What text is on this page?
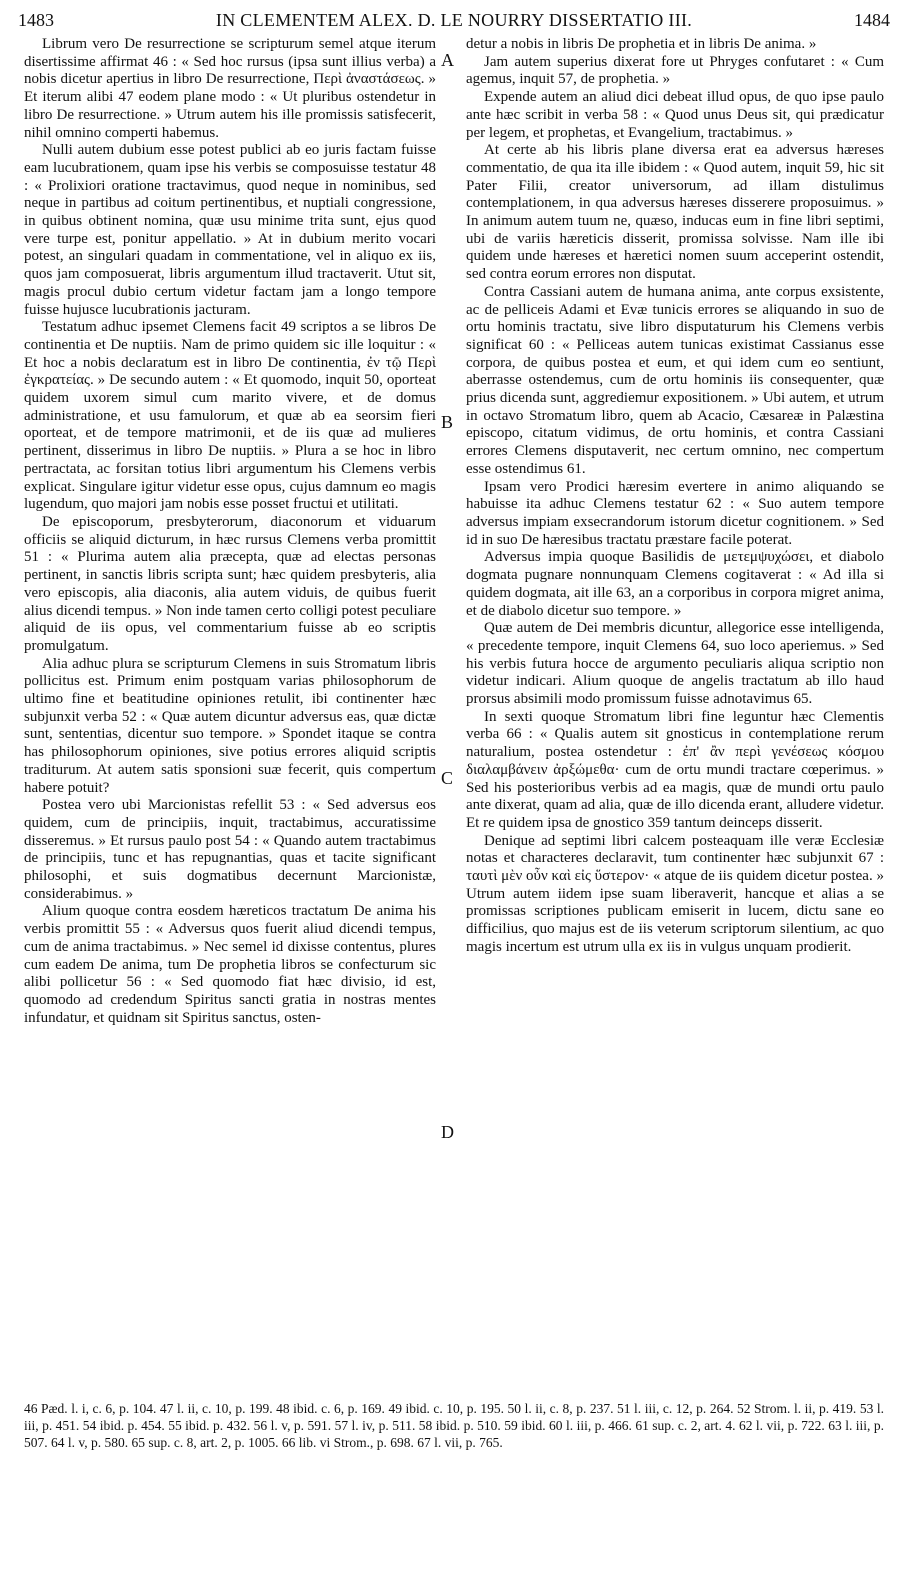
1483	IN CLEMENTEM ALEX. D. LE NOURRY DISSERTATIO III.	1484

Librum vero De resurrectione se scripturum semel atque iterum disertissime affirmat 46 : « Sed hoc rursus (ipsa sunt illius verba) a nobis dicetur apertius in libro De resurrectione, Περὶ ἀναστάσεως. » Et iterum alibi 47 eodem plane modo : « Ut pluribus ostendetur in libro De resurrectione. » Utrum autem his ille promissis satisfecerit, nihil omnino comperti habemus.

Nulli autem dubium esse potest publici ab eo juris factam fuisse eam lucubrationem, quam ipse his verbis se composuisse testatur 48 : « Prolixiori oratione tractavimus, quod neque in nominibus, sed neque in partibus ad coitum pertinentibus, et nuptiali congressione, in quibus obtinent nomina, quæ usu minime trita sunt, ejus quod vere turpe est, ponitur appellatio. » At in dubium merito vocari potest, an singulari quadam in commentatione, vel in aliquo ex iis, quos jam composuerat, libris argumentum illud tractaverit. Utut sit, magis procul dubio certum videtur factam jam a longo tempore fuisse hujusce lucubrationis jacturam.

Testatum adhuc ipsemet Clemens facit 49 scriptos a se libros De continentia et De nuptiis. Nam de primo quidem sic ille loquitur : « Et hoc a nobis declaratum est in libro De continentia, ἐν τῷ Περὶ ἐγκρατείας. » De secundo autem : « Et quomodo, inquit 50, oporteat quidem uxorem simul cum marito vivere, et de domus administratione, et usu famulorum, et quæ ab ea seorsim fieri oporteat, et de tempore matrimonii, et de iis quæ ad mulieres pertinent, disserimus in libro De nuptiis. » Plura a se hoc in libro pertractata, ac forsitan totius libri argumentum his Clemens verbis explicat. Singulare igitur videtur esse opus, cujus damnum eo magis lugendum, quo majori jam nobis esse posset fructui et utilitati.

De episcoporum, presbyterorum, diaconorum et viduarum officiis se aliquid dicturum, in hæc rursus Clemens verba promittit 51 : « Plurima autem alia præcepta, quæ ad electas personas pertinent, in sanctis libris scripta sunt; hæc quidem presbyteris, alia vero episcopis, alia diaconis, alia autem viduis, de quibus fuerit alius dicendi tempus. » Non inde tamen certo colligi potest peculiare aliquid de iis opus, vel commentarium fuisse ab eo scriptis promulgatum.

Alia adhuc plura se scripturum Clemens in suis Stromatum libris pollicitus est. Primum enim postquam varias philosophorum de ultimo fine et beatitudine opiniones retulit, ibi continenter hæc subjunxit verba 52 : « Quæ autem dicuntur adversus eas, quæ dictæ sunt, sententias, dicentur suo tempore. » Spondet itaque se contra has philosophorum opiniones, sive potius errores aliquid scriptis traditurum. At autem satis sponsioni suæ fecerit, quis compertum habere potuit?

Postea vero ubi Marcionistas refellit 53 : « Sed adversus eos quidem, cum de principiis, inquit, tractabimus, accuratissime disseremus. » Et rursus paulo post 54 : « Quando autem tractabimus de principiis, tunc et has repugnantias, quas et tacite significant philosophi, et suis dogmatibus decernunt Marcionistæ, considerabimus. »

Alium quoque contra eosdem hæreticos tractatum De anima his verbis promittit 55 : « Adversus quos fuerit aliud dicendi tempus, cum de anima tractabimus. » Nec semel id dixisse contentus, plures cum eadem De anima, tum De prophetia libros se confecturum sic alibi pollicetur 56 : « Sed quomodo fiat hæc divisio, id est, quomodo ad credendum Spiritus sancti gratia in nostras mentes infundatur, et quidnam sit Spiritus sanctus, osten-

A
B
C
D

detur a nobis in libris De prophetia et in libris De anima. »

Jam autem superius dixerat fore ut Phryges confutaret : « Cum agemus, inquit 57, de prophetia. »

Expende autem an aliud dici debeat illud opus, de quo ipse paulo ante hæc scribit in verba 58 : « Quod unus Deus sit, qui prædicatur per legem, et prophetas, et Evangelium, tractabimus. »

At certe ab his libris plane diversa erat ea adversus hæreses commentatio, de qua ita ille ibidem : « Quod autem, inquit 59, hic sit Pater Filii, creator universorum, ad illam distulimus contemplationem, in qua adversus hæreses disserere proposuimus. » In animum autem tuum ne, quæso, inducas eum in fine libri septimi, ubi de variis hæreticis disserit, promissa solvisse. Nam ille ibi quidem unde hæreses et hæretici nomen suum acceperint ostendit, sed contra eorum errores non disputat.

Contra Cassiani autem de humana anima, ante corpus exsistente, ac de pelliceis Adami et Evæ tunicis errores se aliquando in suo de ortu hominis tractatu, sive libro disputaturum his Clemens verbis significat 60 : « Pelliceas autem tunicas existimat Cassianus esse corpora, de quibus postea et eum, et qui idem cum eo sentiunt, aberrasse ostendemus, cum de ortu hominis iis consequenter, quæ prius dicenda sunt, aggrediemur expositionem. » Ubi autem, et utrum in octavo Stromatum libro, quem ab Acacio, Cæsareæ in Palæstina episcopo, citatum vidimus, de ortu hominis, et contra Cassiani errores Clemens disputaverit, nec certum omnino, nec compertum esse ostendimus 61.

Ipsam vero Prodici hæresim evertere in animo aliquando se habuisse ita adhuc Clemens testatur 62 : « Suo autem tempore adversus impiam exsecrandorum istorum dicetur cognitionem. » Sed id in suo De hæresibus tractatu præstare facile poterat.

Adversus impia quoque Basilidis de μετεμψυχώσει, et diabolo dogmata pugnare nonnunquam Clemens cogitaverat : « Ad illa si quidem dogmata, ait ille 63, an a corporibus in corpora migret anima, et de diabolo dicetur suo tempore. »

Quæ autem de Dei membris dicuntur, allegorice esse intelligenda, « precedente tempore, inquit Clemens 64, suo loco aperiemus. » Sed his verbis futura hocce de argumento peculiaris aliqua scriptio non videtur indicari. Alium quoque de angelis tractatum ab illo haud prorsus absimili modo promissum fuisse adnotavimus 65.

In sexti quoque Stromatum libri fine leguntur hæc Clementis verba 66 : « Qualis autem sit gnosticus in contemplatione rerum naturalium, postea ostendetur : ἐπ' ἂν περὶ γενέσεως κόσμου διαλαμβάνειν ἀρξώμεθα· cum de ortu mundi tractare cœperimus. » Sed his posterioribus verbis ad ea magis, quæ de mundi ortu paulo ante dixerat, quam ad alia, quæ de illo dicenda erant, alludere videtur. Et re quidem ipsa de gnostico 359 tantum deinceps disserit.

Denique ad septimi libri calcem posteaquam ille veræ Ecclesiæ notas et characteres declaravit, tum continenter hæc subjunxit 67 : ταυτὶ μὲν οὖν καὶ εἰς ὕστερον· « atque de iis quidem dicetur postea. » Utrum autem iidem ipse suam liberaverit, hancque et alias a se promissas scriptiones publicam emiserit in lucem, dictu sane eo difficilius, quo majus est de iis veterum scriptorum silentium, ac quo magis incertum est utrum ulla ex iis in vulgus unquam prodierit.

46 Pæd. l. i, c. 6, p. 104. 47 l. ii, c. 10, p. 199. 48 ibid. c. 6, p. 169. 49 ibid. c. 10, p. 195. 50 l. ii, c. 8, p. 237. 51 l. iii, c. 12, p. 264. 52 Strom. l. ii, p. 419. 53 l. iii, p. 451. 54 ibid. p. 454. 55 ibid. p. 432. 56 l. v, p. 591. 57 l. iv, p. 511. 58 ibid. p. 510. 59 ibid. 60 l. iii, p. 466. 61 sup. c. 2, art. 4. 62 l. vii, p. 722. 63 l. iii, p. 507. 64 l. v, p. 580. 65 sup. c. 8, art. 2, p. 1005. 66 lib. vi Strom., p. 698. 67 l. vii, p. 765.
